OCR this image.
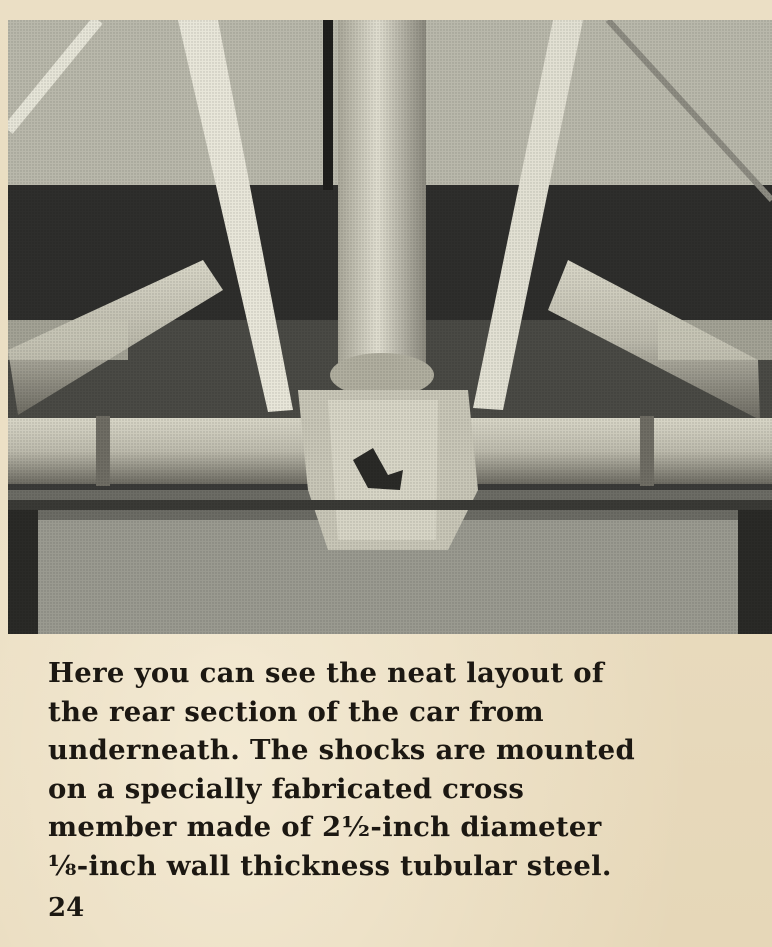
Here you can see the neat layout of
the rear section of the car from
underneath. The shocks are mounted
on a specially fabricated cross
member made of 2½-inch diameter
⅛-inch wall thickness tubular steel.

24
